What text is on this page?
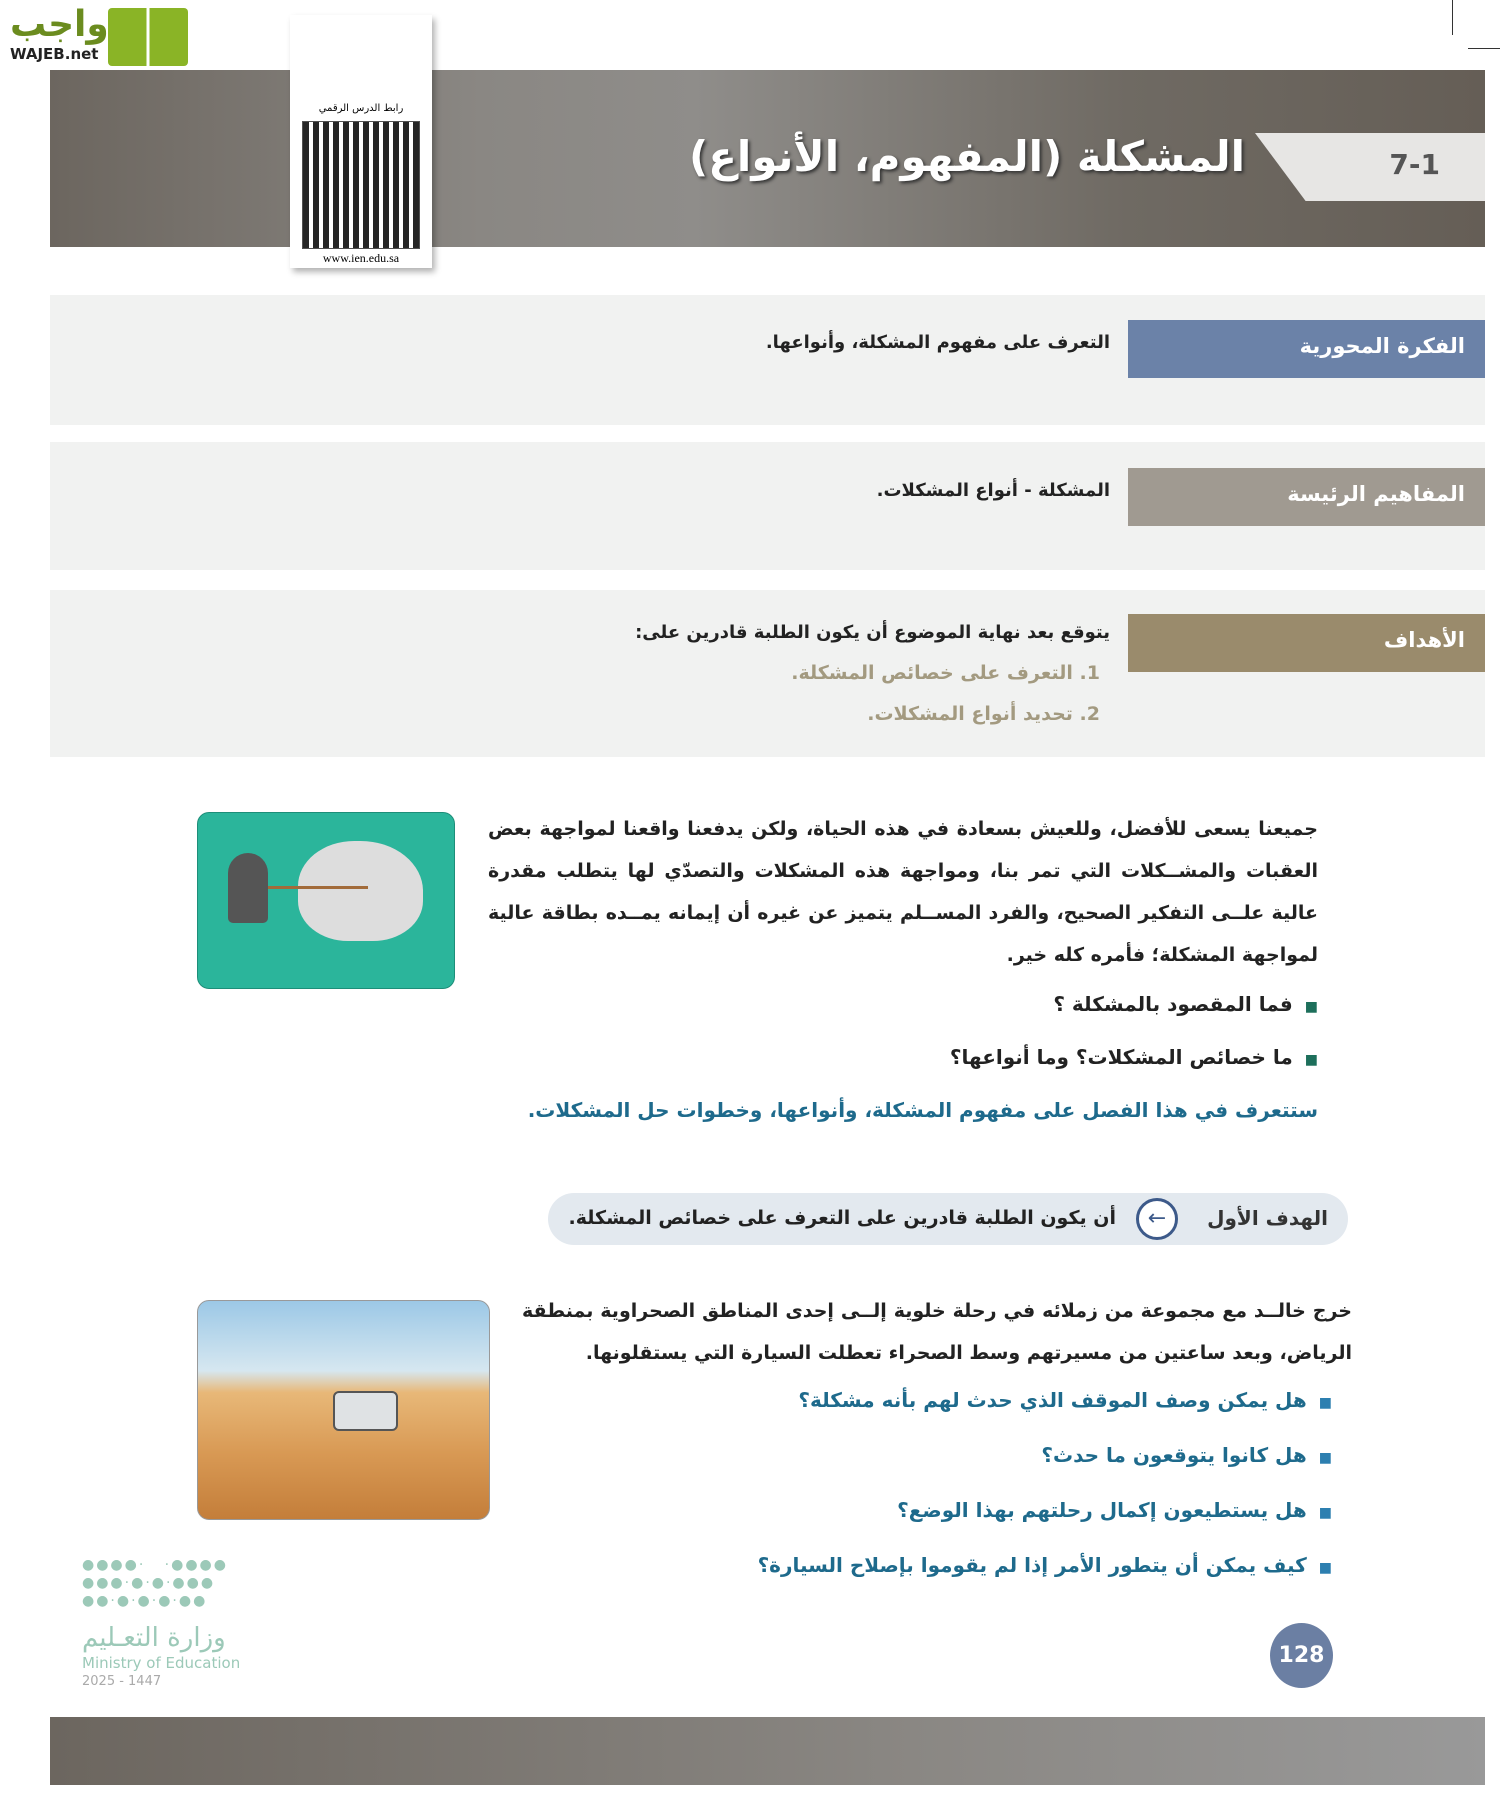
واجب
WAJEB.net
7-1
المشكلة (المفهوم، الأنواع)
رابط الدرس الرقمي
www.ien.edu.sa
الفكرة المحورية
التعرف على مفهوم المشكلة، وأنواعها.
المفاهيم الرئيسة
المشكلة - أنواع المشكلات.
الأهداف
يتوقع بعد نهاية الموضوع أن يكون الطلبة قادرين على:
1. التعرف على خصائص المشكلة.
2. تحديد أنواع المشكلات.
جميعنا يسعى للأفضل، وللعيش بسعادة في هذه الحياة، ولكن يدفعنا واقعنا لمواجهة بعض العقبات والمشــكلات التي تمر بنا، ومواجهة هذه المشكلات والتصدّي لها يتطلب مقدرة عالية علــى التفكير الصحيح، والفرد المســلم يتميز عن غيره أن إيمانه يمــده بطاقة عالية لمواجهة المشكلة؛ فأمره كله خير.
■ فما المقصود بالمشكلة ؟
■ ما خصائص المشكلات؟ وما أنواعها؟
ستتعرف في هذا الفصل على مفهوم المشكلة، وأنواعها، وخطوات حل المشكلات.
الهدف الأول
←
أن يكون الطلبة قادرين على التعرف على خصائص المشكلة.
خرج خالــد مع مجموعة من زملائه في رحلة خلوية إلــى إحدى المناطق الصحراوية بمنطقة الرياض، وبعد ساعتين من مسيرتهم وسط الصحراء تعطلت السيارة التي يستقلونها.
■ هل يمكن وصف الموقف الذي حدث لهم بأنه مشكلة؟
■ هل كانوا يتوقعون ما حدث؟
■ هل يستطيعون إكمال رحلتهم بهذا الوضع؟
■ كيف يمكن أن يتطور الأمر إذا لم يقوموا بإصلاح السيارة؟
●●●●·   ·●●●●
●●●·●·●·●●●
●●·●·●·●·●●
وزارة التعـليم
Ministry of Education
2025 - 1447
128
